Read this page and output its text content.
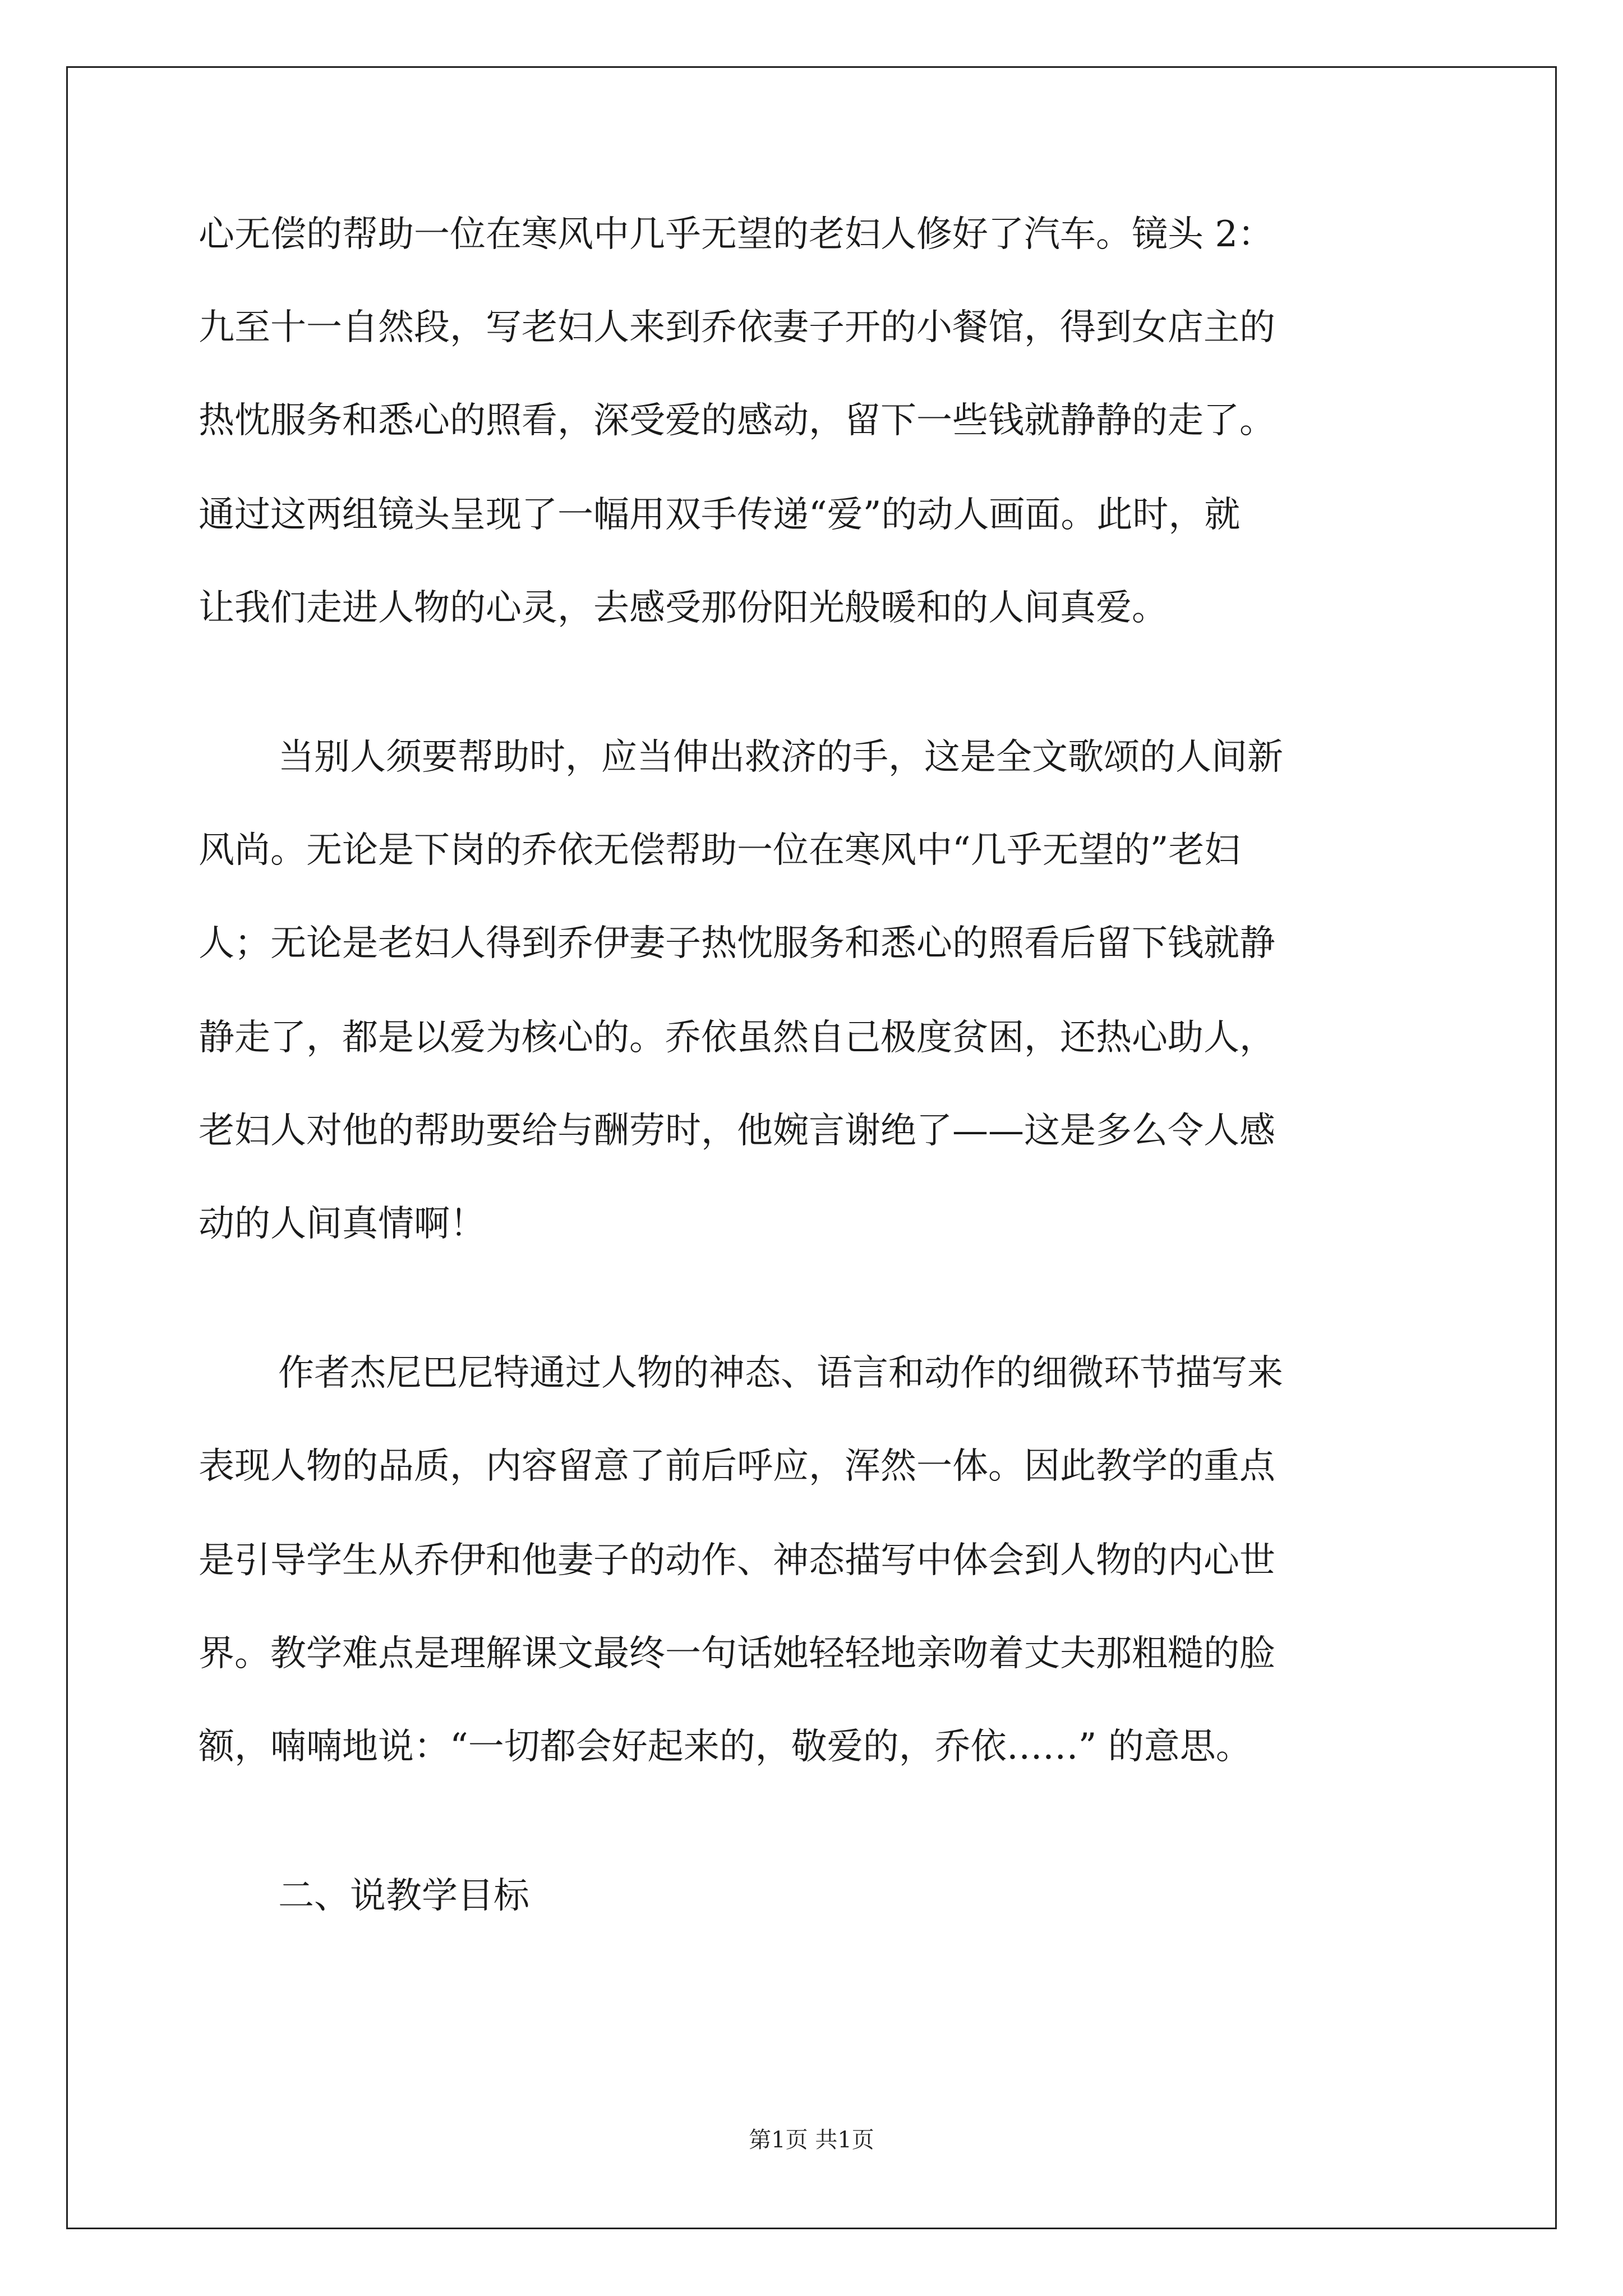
心无偿的帮助一位在寒风中几乎无望的老妇人修好了汽车。镜头 2：
九至十一自然段，写老妇人来到乔依妻子开的小餐馆，得到女店主的
热忱服务和悉心的照看，深受爱的感动，留下一些钱就静静的走了。
通过这两组镜头呈现了一幅用双手传递“爱”的动人画面。此时，就
让我们走进人物的心灵，去感受那份阳光般暖和的人间真爱。
当别人须要帮助时，应当伸出救济的手，这是全文歌颂的人间新
风尚。无论是下岗的乔依无偿帮助一位在寒风中“几乎无望的”老妇
人；无论是老妇人得到乔伊妻子热忱服务和悉心的照看后留下钱就静
静走了，都是以爱为核心的。乔依虽然自己极度贫困，还热心助人，
老妇人对他的帮助要给与酬劳时，他婉言谢绝了——这是多么令人感
动的人间真情啊！
作者杰尼巴尼特通过人物的神态、语言和动作的细微环节描写来
表现人物的品质，内容留意了前后呼应，浑然一体。因此教学的重点
是引导学生从乔伊和他妻子的动作、神态描写中体会到人物的内心世
界。教学难点是理解课文最终一句话她轻轻地亲吻着丈夫那粗糙的脸
额，喃喃地说：“一切都会好起来的，敬爱的，乔依……” 的意思。
二、说教学目标
第1页 共1页
